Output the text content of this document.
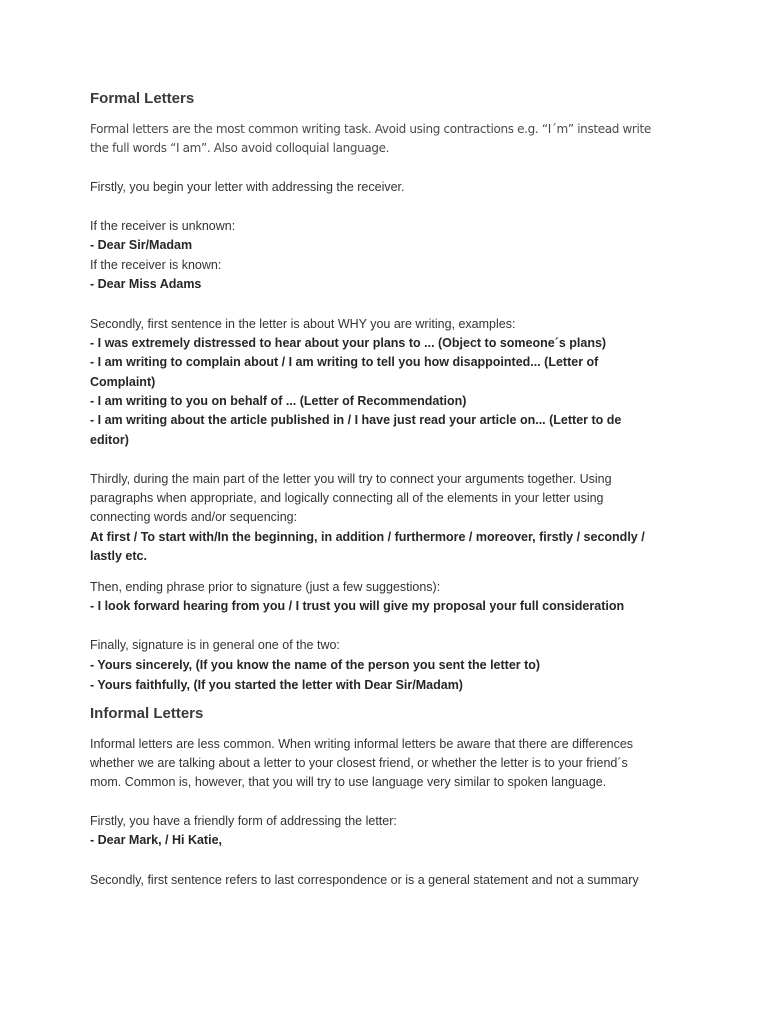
Formal Letters
Formal letters are the most common writing task. Avoid using contractions e.g. “I´m” instead write
the full words “I am”. Also avoid colloquial language.
Firstly, you begin your letter with addressing the receiver.
If the receiver is unknown:
- Dear Sir/Madam
If the receiver is known:
- Dear Miss Adams
Secondly, first sentence in the letter is about WHY you are writing, examples:
- I was extremely distressed to hear about your plans to ... (Object to someone´s plans)
- I am writing to complain about / I am writing to tell you how disappointed... (Letter of
Complaint)
- I am writing to you on behalf of ... (Letter of Recommendation)
- I am writing about the article published in / I have just read your article on... (Letter to de
editor)
Thirdly, during the main part of the letter you will try to connect your arguments together. Using
paragraphs when appropriate, and logically connecting all of the elements in your letter using
connecting words and/or sequencing:
At first / To start with/In the beginning, in addition / furthermore / moreover, firstly / secondly /
lastly etc.
Then, ending phrase prior to signature (just a few suggestions):
- I look forward hearing from you / I trust you will give my proposal your full consideration
Finally, signature is in general one of the two:
- Yours sincerely, (If you know the name of the person you sent the letter to)
- Yours faithfully, (If you started the letter with Dear Sir/Madam)
Informal Letters
Informal letters are less common. When writing informal letters be aware that there are differences
whether we are talking about a letter to your closest friend, or whether the letter is to your friend´s
mom. Common is, however, that you will try to use language very similar to spoken language.
Firstly, you have a friendly form of addressing the letter:
- Dear Mark, / Hi Katie,
Secondly, first sentence refers to last correspondence or is a general statement and not a summary
